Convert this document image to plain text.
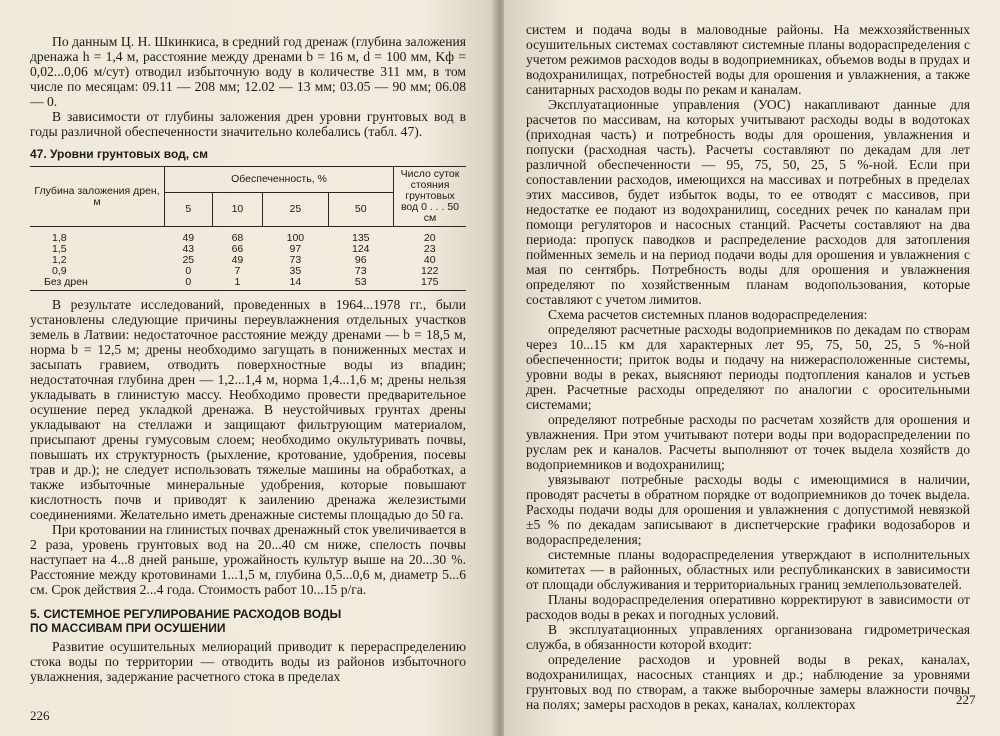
По данным Ц. Н. Шкинкиса, в средний год дренаж (глубина заложения дренажа h = 1,4 м, расстояние между дренами b = 16 м, d = 100 мм, Kф = 0,02...0,06 м/сут) отводил избыточную воду в количестве 311 мм, в том числе по месяцам: 09.11 — 208 мм; 12.02 — 13 мм; 03.05 — 90 мм; 06.08 — 0.

В зависимости от глубины заложения дрен уровни грунтовых вод в годы различной обеспеченности значительно колебались (табл. 47).

47. Уровни грунтовых вод, см
Глубина заложения дрен, м	Обеспеченность, %				Число суток стояния грунтовых вод 0 . . . 50 см
	5	10	25	50	

1,8	49	68	100	135	20
1,5	43	66	97	124	23
1,2	25	49	73	96	40
0,9	0	7	35	73	122
Без дрен	0	1	14	53	175

В результате исследований, проведенных в 1964...1978 гг., были установлены следующие причины переувлажнения отдельных участков земель в Латвии: недостаточное расстояние между дренами — b = 18,5 м, норма b = 12,5 м; дрены необходимо загущать в пониженных местах и засыпать гравием, отводить поверхностные воды из впадин; недостаточная глубина дрен — 1,2...1,4 м, норма 1,4...1,6 м; дрены нельзя укладывать в глинистую массу. Необходимо провести предварительное осушение перед укладкой дренажа. В неустойчивых грунтах дрены укладывают на стеллажи и защищают фильтрующим материалом, присыпают дрены гумусовым слоем; необходимо окультуривать почвы, повышать их структурность (рыхление, кротование, удобрения, посевы трав и др.); не следует использовать тяжелые машины на обработках, а также избыточные минеральные удобрения, которые повышают кислотность почв и приводят к заилению дренажа железистыми соединениями. Желательно иметь дренажные системы площадью до 50 га.

При кротовании на глинистых почвах дренажный сток увеличивается в 2 раза, уровень грунтовых вод на 20...40 см ниже, спелость почвы наступает на 4...8 дней раньше, урожайность культур выше на 20...30 %. Расстояние между кротовинами 1...1,5 м, глубина 0,5...0,6 м, диаметр 5...6 см. Срок действия 2...4 года. Стоимость работ 10...15 р/га.

5. СИСТЕМНОЕ РЕГУЛИРОВАНИЕ РАСХОДОВ ВОДЫ
ПО МАССИВАМ ПРИ ОСУШЕНИИ

Развитие осушительных мелиораций приводит к перераспределению стока воды по территории — отводить воды из районов избыточного увлажнения, задержание расчетного стока в пределах

226

систем и подача воды в маловодные районы. На межхозяйственных осушительных системах составляют системные планы водораспределения с учетом режимов расходов воды в водоприемниках, объемов воды в прудах и водохранилищах, потребностей воды для орошения и увлажнения, а также санитарных расходов воды по рекам и каналам.

Эксплуатационные управления (УОС) накапливают данные для расчетов по массивам, на которых учитывают расходы воды в водотоках (приходная часть) и потребность воды для орошения, увлажнения и попуски (расходная часть). Расчеты составляют по декадам для лет различной обеспеченности — 95, 75, 50, 25, 5 %-ной. Если при сопоставлении расходов, имеющихся на массивах и потребных в пределах этих массивов, будет избыток воды, то ее отводят с массивов, при недостатке ее подают из водохранилищ, соседних речек по каналам при помощи регуляторов и насосных станций. Расчеты составляют на два периода: пропуск паводков и распределение расходов для затопления пойменных земель и на период подачи воды для орошения и увлажнения с мая по сентябрь. Потребность воды для орошения и увлажнения определяют по хозяйственным планам водопользования, которые составляют с учетом лимитов.

Схема расчетов системных планов водораспределения:

определяют расчетные расходы водоприемников по декадам по створам через 10...15 км для характерных лет 95, 75, 50, 25, 5 %-ной обеспеченности; приток воды и подачу на нижерасположенные системы, уровни воды в реках, выясняют периоды подтопления каналов и устьев дрен. Расчетные расходы определяют по аналогии с оросительными системами;

определяют потребные расходы по расчетам хозяйств для орошения и увлажнения. При этом учитывают потери воды при водораспределении по руслам рек и каналов. Расчеты выполняют от точек выдела хозяйств до водоприемников и водохранилищ;

увязывают потребные расходы воды с имеющимися в наличии, проводят расчеты в обратном порядке от водоприемников до точек выдела. Расходы подачи воды для орошения и увлажнения с допустимой невязкой ±5 % по декадам записывают в диспетчерские графики водозаборов и водораспределения;

системные планы водораспределения утверждают в исполнительных комитетах — в районных, областных или республиканских в зависимости от площади обслуживания и территориальных границ землепользователей.

Планы водораспределения оперативно корректируют в зависимости от расходов воды в реках и погодных условий.

В эксплуатационных управлениях организована гидрометрическая служба, в обязанности которой входит:

определение расходов и уровней воды в реках, каналах, водохранилищах, насосных станциях и др.; наблюдение за уровнями грунтовых вод по створам, а также выборочные замеры влажности почвы на полях; замеры расходов в реках, каналах, коллекторах	227
